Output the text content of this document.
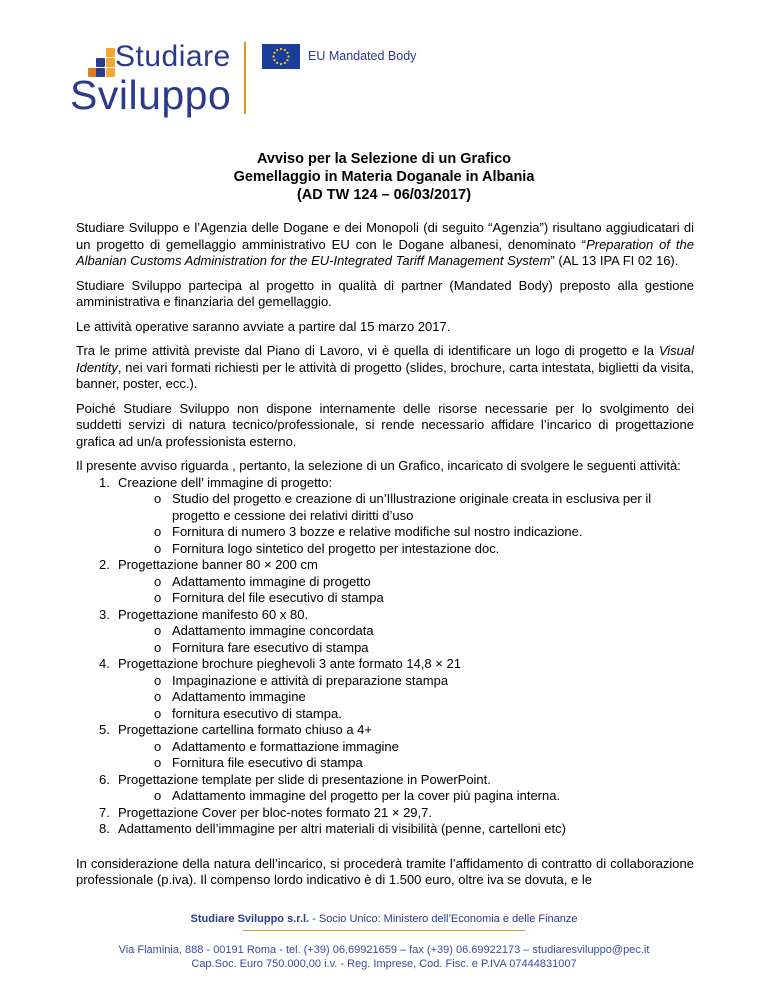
Studiare
Sviluppo
EU Mandated Body
Avviso per la Selezione di un Grafico
Gemellaggio in Materia Doganale in Albania
(AD TW 124 – 06/03/2017)

Studiare Sviluppo e l’Agenzia delle Dogane e dei Monopoli (di seguito “Agenzia”) risultano aggiudicatari di un progetto di gemellaggio amministrativo EU con le Dogane albanesi, denominato “Preparation of the Albanian Customs Administration for the EU-Integrated Tariff Management System” (AL 13 IPA FI 02 16).

Studiare Sviluppo partecipa al progetto in qualità di partner (Mandated Body) preposto alla gestione amministrativa e finanziaria del gemellaggio.

Le attività operative saranno avviate a partire dal 15 marzo 2017.

Tra le prime attività previste dal Piano di Lavoro, vi è quella di identificare un logo di progetto e la Visual Identity, nei vari formati richiesti per le attività di progetto (slides, brochure, carta intestata, biglietti da visita, banner, poster, ecc.).

Poiché Studiare Sviluppo non dispone internamente delle risorse necessarie per lo svolgimento dei suddetti servizi di natura tecnico/professionale, si rende necessario affidare l’incarico di progettazione grafica ad un/a professionista esterno.

Il presente avviso riguarda , pertanto, la selezione di un Grafico, incaricato di svolgere le seguenti attività:

1. Creazione dell’ immagine di progetto:
o Studio del progetto e creazione di un’Illustrazione originale creata in esclusiva per il progetto e cessione dei relativi diritti d’uso
o Fornitura di numero 3 bozze e relative modifiche sul nostro indicazione.
o Fornitura logo sintetico del progetto per intestazione doc.
2. Progettazione banner 80 × 200 cm
o Adattamento immagine di progetto
o Fornitura del file esecutivo di stampa
3. Progettazione manifesto 60 x 80.
o Adattamento immagine concordata
o Fornitura fare esecutivo di stampa
4. Progettazione brochure pieghevoli 3 ante formato 14,8 × 21
o Impaginazione e attività di preparazione stampa
o Adattamento immagine
o fornitura esecutivo di stampa.
5. Progettazione cartellina formato chiuso a 4+
o Adattamento e formattazione immagine
o Fornitura file esecutivo di stampa
6. Progettazione template per slide di presentazione in PowerPoint.
o Adattamento immagine del progetto per la cover più pagina interna.
7. Progettazione Cover per bloc-notes formato 21 × 29,7.
8. Adattamento dell’immagine per altri materiali di visibilità (penne, cartelloni etc)

In considerazione della natura dell’incarico, si procederà tramite l’affidamento di contratto di collaborazione professionale (p.iva). Il compenso lordo indicativo è di 1.500 euro, oltre iva se dovuta, e le

Studiare Sviluppo s.r.l. - Socio Unico: Ministero dell’Economia e delle Finanze
Via Flaminia, 888 - 00191 Roma - tel. (+39) 06.69921659 – fax (+39) 06.69922173 – studiaresviluppo@pec.it
Cap.Soc. Euro 750.000,00 i.v. - Reg. Imprese, Cod. Fisc. e P.IVA 07444831007
